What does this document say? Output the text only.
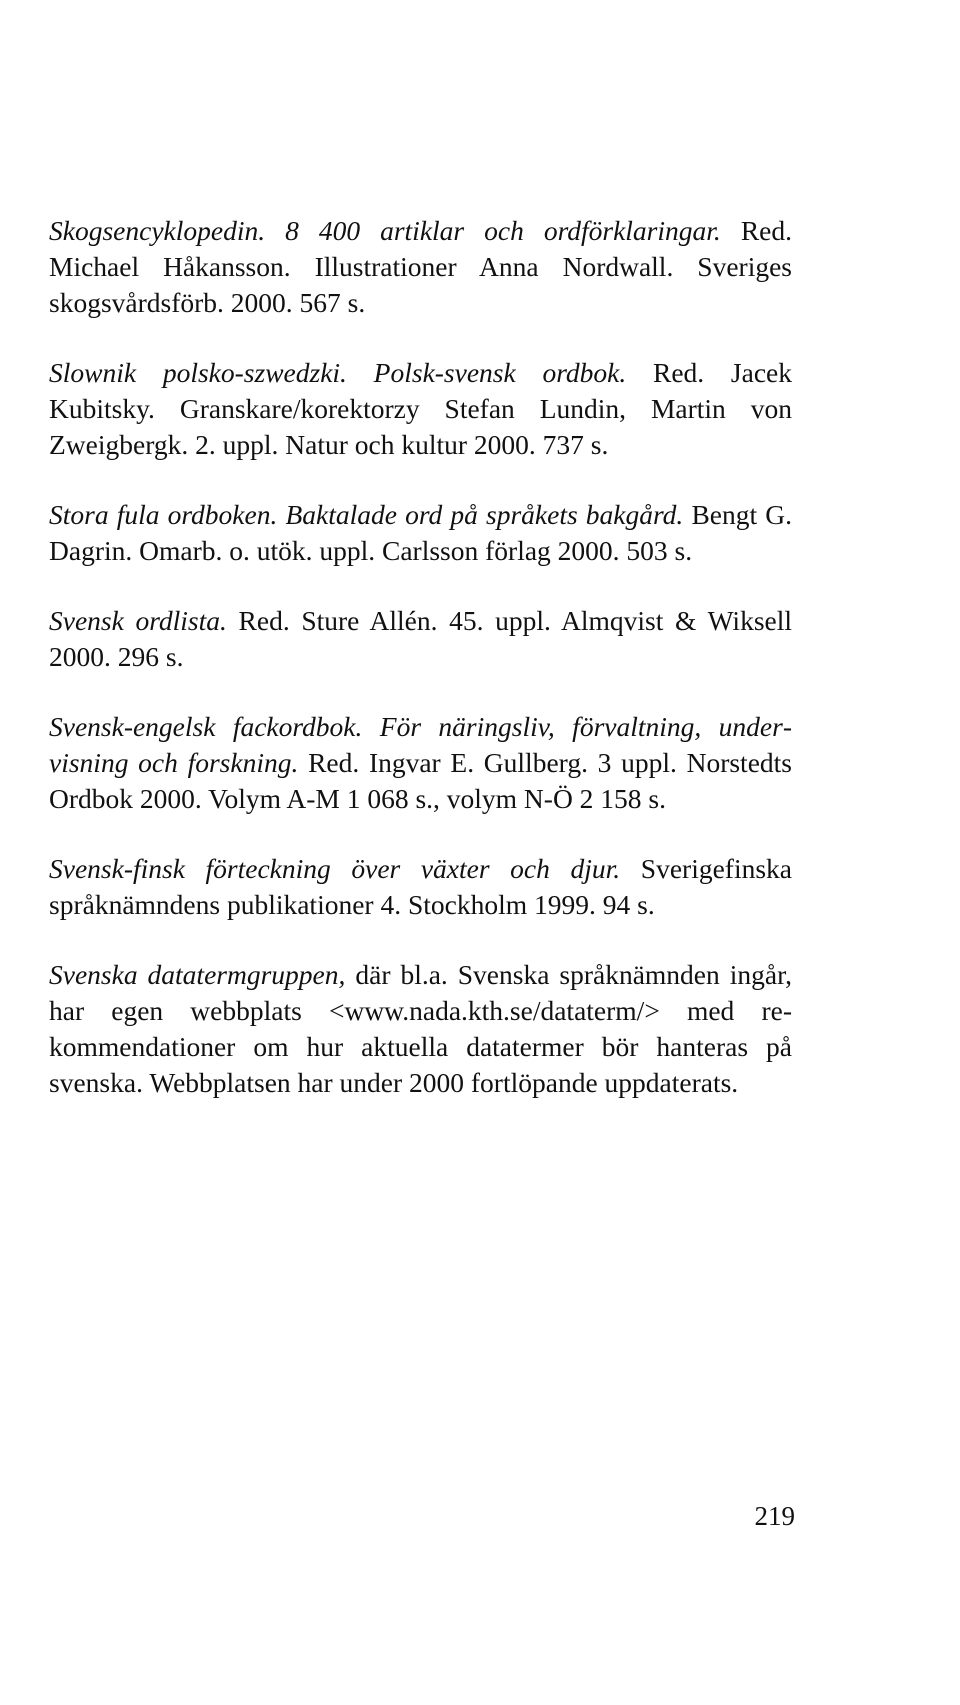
Skogsencyklopedin. 8 400 artiklar och ordförklaringar. Red. Michael Håkansson. Illustrationer Anna Nordwall. Sveriges skogsvårdsförb. 2000. 567 s.

Slownik polsko-szwedzki. Polsk-svensk ordbok. Red. Jacek Kubitsky. Granskare/korektorzy Stefan Lundin, Martin von Zweigbergk. 2. uppl. Natur och kultur 2000. 737 s.

Stora fula ordboken. Baktalade ord på språkets bakgård. Bengt G. Dagrin. Omarb. o. utök. uppl. Carlsson förlag 2000. 503 s.

Svensk ordlista. Red. Sture Allén. 45. uppl. Almqvist & Wiksell 2000. 296 s.

Svensk-engelsk fackordbok. För näringsliv, förvaltning, undervisning och forskning. Red. Ingvar E. Gullberg. 3 uppl. Norstedts Ordbok 2000. Volym A-M 1 068 s., volym N-Ö 2 158 s.

Svensk-finsk förteckning över växter och djur. Sverigefinska språknämndens publikationer 4. Stockholm 1999. 94 s.

Svenska datatermgruppen, där bl.a. Svenska språknämnden ingår, har egen webbplats <www.nada.kth.se/dataterm/> med rekommendationer om hur aktuella datatermer bör hanteras på svenska. Webbplatsen har under 2000 fortlöpande uppdaterats.

219
